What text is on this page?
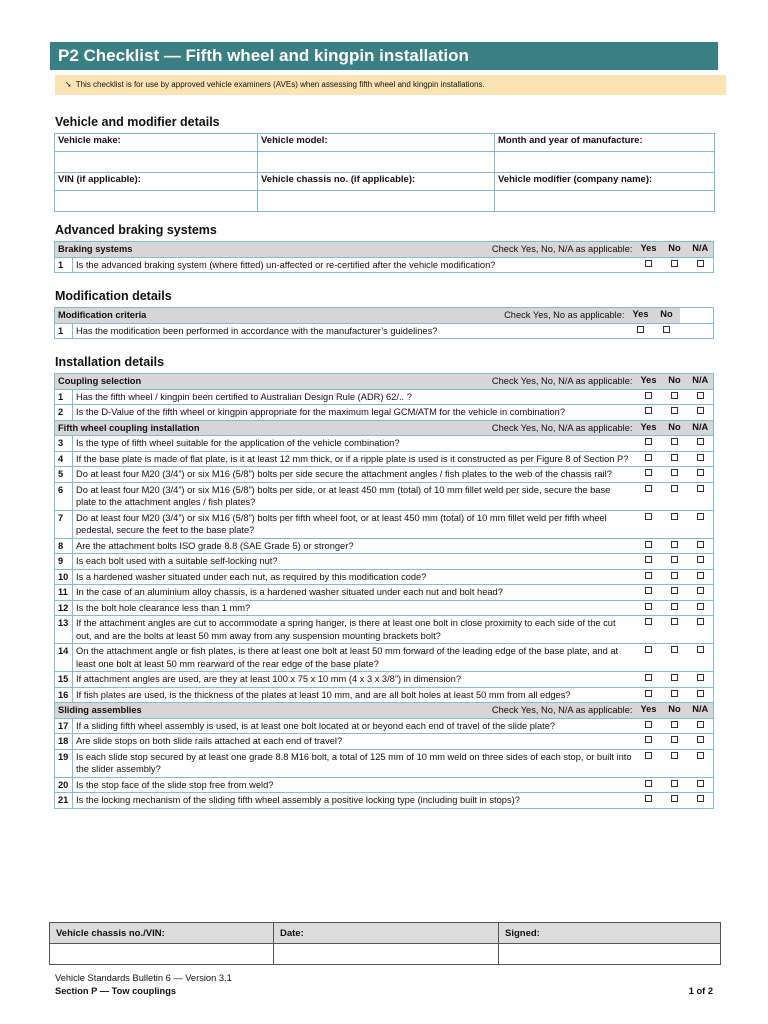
P2 Checklist — Fifth wheel and kingpin installation
➘ This checklist is for use by approved vehicle examiners (AVEs) when assessing fifth wheel and kingpin installations.
Vehicle and modifier details
Vehicle make:	Vehicle model:	Month and year of manufacture:

VIN (if applicable):	Vehicle chassis no. (if applicable):	Vehicle modifier (company name):

Advanced braking systems
Braking systems Check Yes, No, N/A as applicable:		Yes	No	N/A
1	Is the advanced braking system (where fitted) un-affected or re-certified after the vehicle modification?			
Modification details
Modification criteria Check Yes, No as applicable:		Yes	No	
1	Has the modification been performed in accordance with the manufacturer’s guidelines?			
Installation details
Coupling selection Check Yes, No, N/A as applicable:		Yes	No	N/A
1	Has the fifth wheel / kingpin been certified to Australian Design Rule (ADR) 62/.. ?			
2	Is the D-Value of the fifth wheel or kingpin appropriate for the maximum legal GCM/ATM for the vehicle in combination?			

Fifth wheel coupling installation Check Yes, No, N/A as applicable:		Yes	No	N/A
3	Is the type of fifth wheel suitable for the application of the vehicle combination?			
4	If the base plate is made of flat plate, is it at least 12 mm thick, or if a ripple plate is used is it constructed as per Figure 8 of Section P?			
5	Do at least four M20 (3/4”) or six M16 (5/8”) bolts per side secure the attachment angles / fish plates to the web of the chassis rail?			
6	Do at least four M20 (3/4”) or six M16 (5/8”) bolts per side, or at least 450 mm (total) of 10 mm fillet weld per side, secure the base plate to the attachment angles / fish plates?			
7	Do at least four M20 (3/4”) or six M16 (5/8”) bolts per fifth wheel foot, or at least 450 mm (total) of 10 mm fillet weld per fifth wheel pedestal, secure the feet to the base plate?			
8	Are the attachment bolts ISO grade 8.8 (SAE Grade 5) or stronger?			
9	Is each bolt used with a suitable self-locking nut?			
10	Is a hardened washer situated under each nut, as required by this modification code?			
11	In the case of an aluminium alloy chassis, is a hardened washer situated under each nut and bolt head?			
12	Is the bolt hole clearance less than 1 mm?			
13	If the attachment angles are cut to accommodate a spring hanger, is there at least one bolt in close proximity to each side of the cut out, and are the bolts at least 50 mm away from any suspension mounting brackets bolt?			
14	On the attachment angle or fish plates, is there at least one bolt at least 50 mm forward of the leading edge of the base plate, and at least one bolt at least 50 mm rearward of the rear edge of the base plate?			
15	If attachment angles are used, are they at least 100 x 75 x 10 mm (4 x 3 x 3/8”) in dimension?			
16	If fish plates are used, is the thickness of the plates at least 10 mm, and are all bolt holes at least 50 mm from all edges?			

Sliding assemblies Check Yes, No, N/A as applicable:		Yes	No	N/A
17	If a sliding fifth wheel assembly is used, is at least one bolt located at or beyond each end of travel of the slide plate?			
18	Are slide stops on both slide rails attached at each end of travel?			
19	Is each slide stop secured by at least one grade 8.8 M16 bolt, a total of 125 mm of 10 mm weld on three sides of each stop, or built into the slider assembly?			
20	Is the stop face of the slide stop free from weld?			
21	Is the locking mechanism of the sliding fifth wheel assembly a positive locking type (including built in stops)?			
Vehicle chassis no./VIN:	Date:	Signed:

Vehicle Standards Bulletin 6 — Version 3.1
Section P — Tow couplings	1 of 2
